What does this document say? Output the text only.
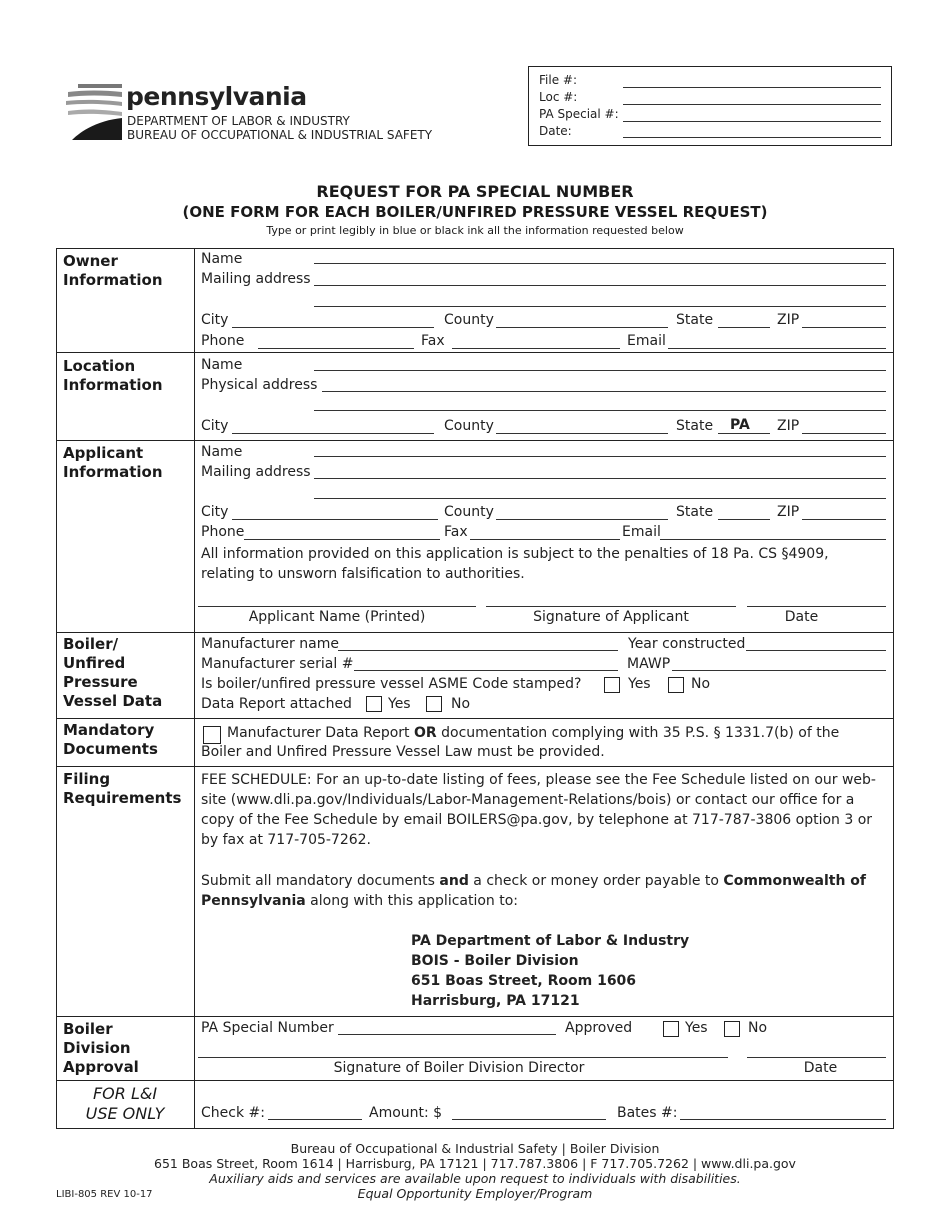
pennsylvania
DEPARTMENT OF LABOR & INDUSTRY
BUREAU OF OCCUPATIONAL & INDUSTRIAL SAFETY
File #:
Loc #:
PA Special #:
Date:
REQUEST FOR PA SPECIAL NUMBER
(ONE FORM FOR EACH BOILER/UNFIRED PRESSURE VESSEL REQUEST)
Type or print legibly in blue or black ink all the information requested below
Owner
Information
Name
Mailing address
City	County	State	ZIP
Phone	Fax	Email
Location
Information
Name
Physical address
City	County	State PA ZIP
Applicant
Information
Name
Mailing address
City	County	State	ZIP
Phone	Fax	Email
All information provided on this application is subject to the penalties of 18 Pa. CS §4909,
relating to unsworn falsification to authorities.
Applicant Name (Printed)	Signature of Applicant	Date
Boiler/
Unfired
Pressure
Vessel Data
Manufacturer name	Year constructed
Manufacturer serial #	MAWP
Is boiler/unfired pressure vessel ASME Code stamped?	Yes	No
Data Report attached	Yes	No
Mandatory
Documents
Manufacturer Data Report OR documentation complying with 35 P.S. § 1331.7(b) of the
Boiler and Unfired Pressure Vessel Law must be provided.
Filing
Requirements
FEE SCHEDULE: For an up-to-date listing of fees, please see the Fee Schedule listed on our web-
site (www.dli.pa.gov/Individuals/Labor-Management-Relations/bois) or contact our office for a
copy of the Fee Schedule by email BOILERS@pa.gov, by telephone at 717-787-3806 option 3 or
by fax at 717-705-7262.
Submit all mandatory documents and a check or money order payable to Commonwealth of
Pennsylvania along with this application to:
PA Department of Labor & Industry
BOIS - Boiler Division
651 Boas Street, Room 1606
Harrisburg, PA 17121
Boiler
Division
Approval
PA Special Number	Approved	Yes	No
Signature of Boiler Division Director	Date
FOR L&I
USE ONLY	Check #:	Amount: $	Bates #:
Bureau of Occupational & Industrial Safety | Boiler Division
651 Boas Street, Room 1614 | Harrisburg, PA 17121 | 717.787.3806 | F 717.705.7262 | www.dli.pa.gov
Auxiliary aids and services are available upon request to individuals with disabilities.
Equal Opportunity Employer/Program
LIBI-805 REV 10-17
